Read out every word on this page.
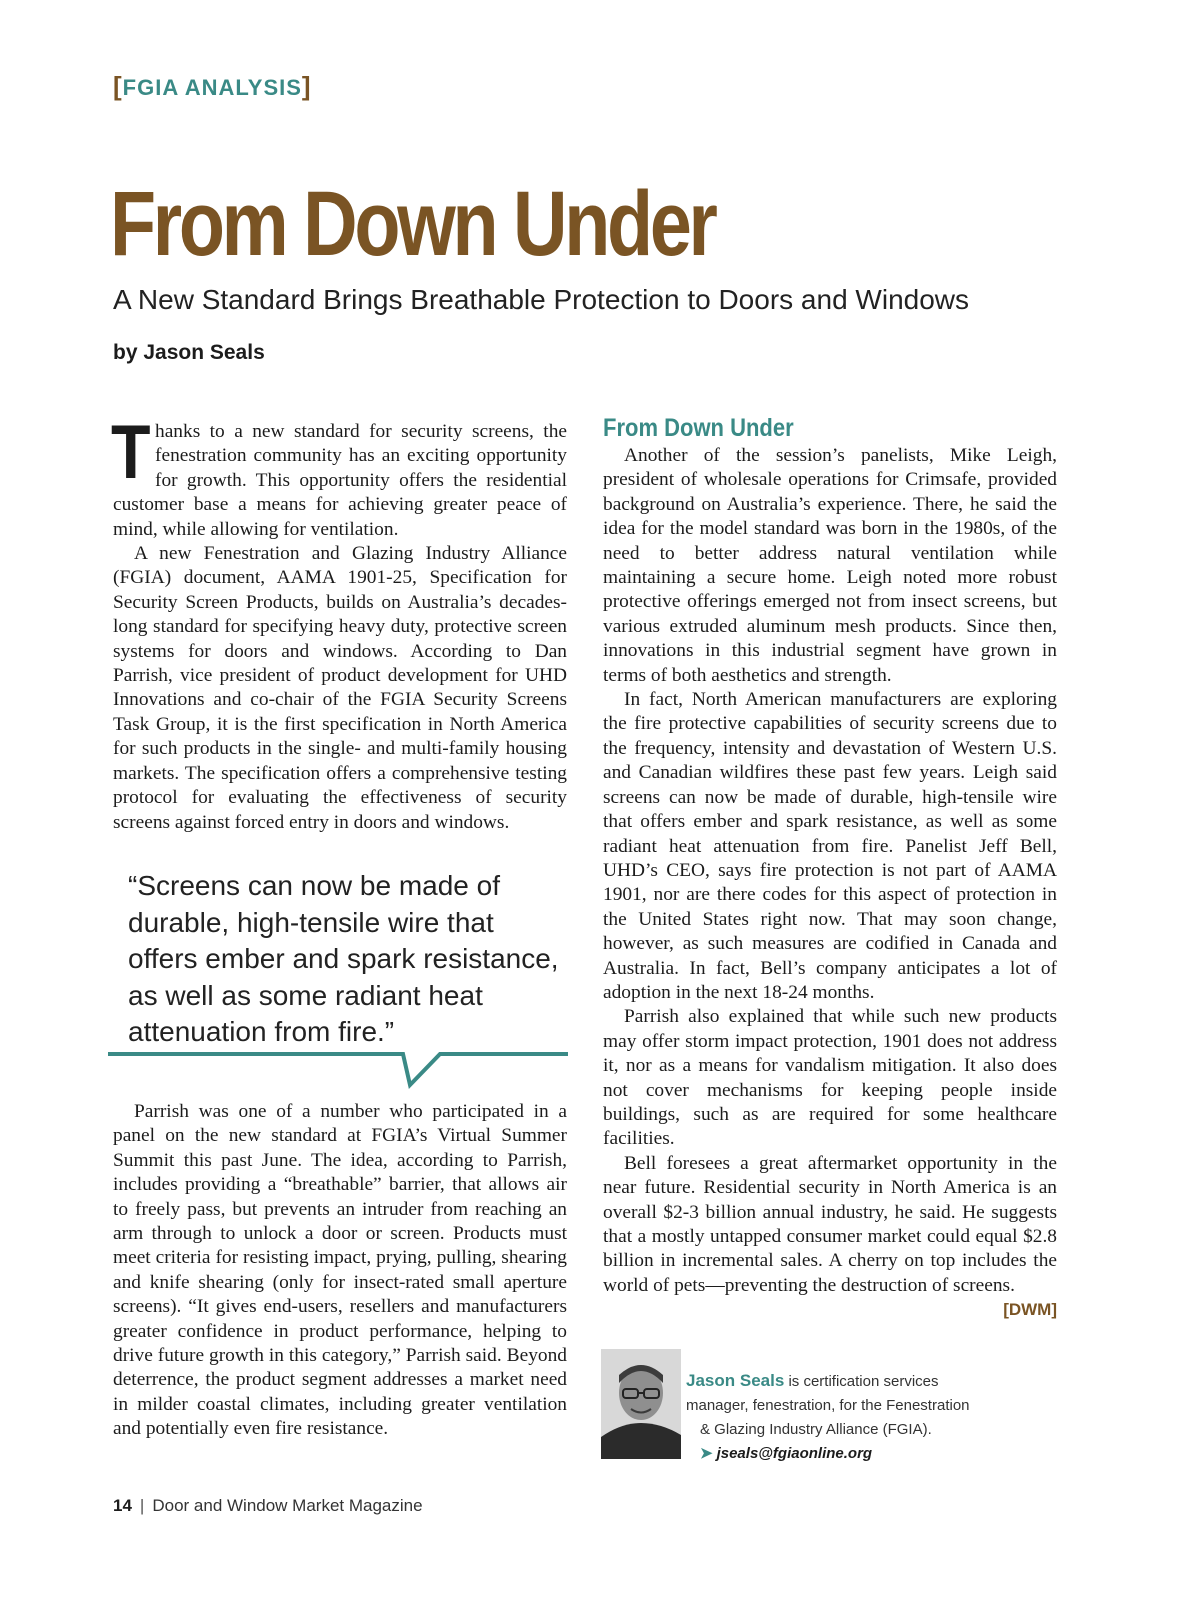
[FGIA ANALYSIS]
From Down Under

A New Standard Brings Breathable Protection to Doors and Windows

by Jason Seals

Thanks to a new standard for security screens, the fenestration community has an exciting opportunity for growth. This opportunity offers the residential customer base a means for achieving greater peace of mind, while allowing for ventilation.

A new Fenestration and Glazing Industry Alliance (FGIA) document, AAMA 1901-25, Specification for Security Screen Products, builds on Australia’s decades-long standard for specifying heavy duty, protective screen systems for doors and windows. According to Dan Parrish, vice president of product development for UHD Innovations and co-chair of the FGIA Security Screens Task Group, it is the first specification in North America for such products in the single- and multi-family housing markets. The specification offers a comprehensive testing protocol for evaluating the effectiveness of security screens against forced entry in doors and windows.

“Screens can now be made of durable, high-tensile wire that offers ember and spark resistance, as well as some radiant heat attenuation from fire.”

Parrish was one of a number who participated in a panel on the new standard at FGIA’s Virtual Summer Summit this past June. The idea, according to Parrish, includes providing a “breathable” barrier, that allows air to freely pass, but prevents an intruder from reaching an arm through to unlock a door or screen. Products must meet criteria for resisting impact, prying, pulling, shearing and knife shearing (only for insect-rated small aperture screens). “It gives end-users, resellers and manufacturers greater confidence in product performance, helping to drive future growth in this category,” Parrish said. Beyond deterrence, the product segment addresses a market need in milder coastal climates, including greater ventilation and potentially even fire resistance.

From Down Under

Another of the session’s panelists, Mike Leigh, president of wholesale operations for Crimsafe, provided background on Australia’s experience. There, he said the idea for the model standard was born in the 1980s, of the need to better address natural ventilation while maintaining a secure home. Leigh noted more robust protective offerings emerged not from insect screens, but various extruded aluminum mesh products. Since then, innovations in this industrial segment have grown in terms of both aesthetics and strength.

In fact, North American manufacturers are exploring the fire protective capabilities of security screens due to the frequency, intensity and devastation of Western U.S. and Canadian wildfires these past few years. Leigh said screens can now be made of durable, high-tensile wire that offers ember and spark resistance, as well as some radiant heat attenuation from fire. Panelist Jeff Bell, UHD’s CEO, says fire protection is not part of AAMA 1901, nor are there codes for this aspect of protection in the United States right now. That may soon change, however, as such measures are codified in Canada and Australia. In fact, Bell’s company anticipates a lot of adoption in the next 18-24 months.

Parrish also explained that while such new products may offer storm impact protection, 1901 does not address it, nor as a means for vandalism mitigation. It also does not cover mechanisms for keeping people inside buildings, such as are required for some healthcare facilities.

Bell foresees a great aftermarket opportunity in the near future. Residential security in North America is an overall $2-3 billion annual industry, he said. He suggests that a mostly untapped consumer market could equal $2.8 billion in incremental sales. A cherry on top includes the world of pets—preventing the destruction of screens.
[DWM]

Jason Seals is certification services
manager, fenestration, for the Fenestration
& Glazing Industry Alliance (FGIA).
➤ jseals@fgiaonline.org
14 | Door and Window Market Magazine
